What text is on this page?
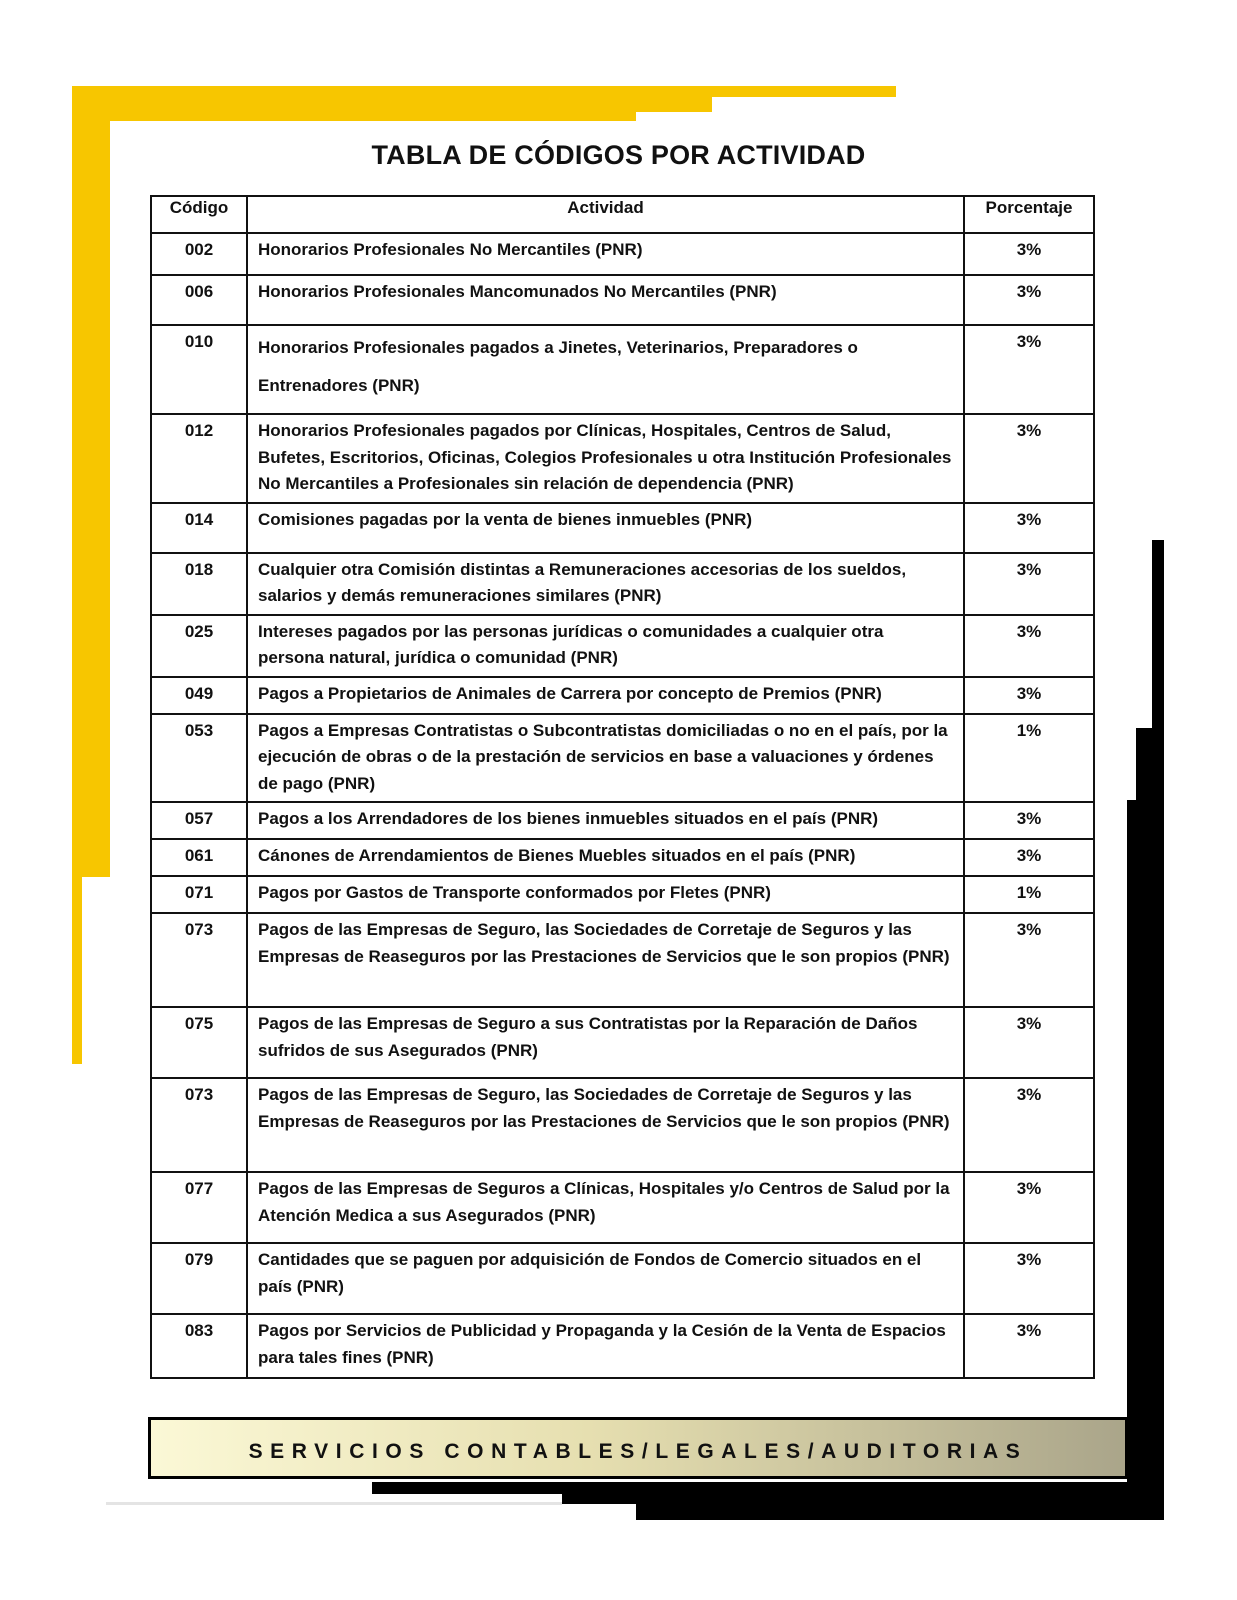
TABLA DE CÓDIGOS POR ACTIVIDAD
Código	Actividad	Porcentaje
002	Honorarios Profesionales No Mercantiles (PNR)	3%
006	Honorarios Profesionales Mancomunados No Mercantiles (PNR)	3%
010	Honorarios Profesionales pagados a Jinetes, Veterinarios, Preparadores o Entrenadores (PNR)	3%
012	Honorarios Profesionales pagados por Clínicas, Hospitales, Centros de Salud, Bufetes, Escritorios, Oficinas, Colegios Profesionales u otra Institución Profesionales No Mercantiles a Profesionales sin relación de dependencia (PNR)	3%
014	Comisiones pagadas por la venta de bienes inmuebles (PNR)	3%
018	Cualquier otra Comisión distintas a Remuneraciones accesorias de los sueldos, salarios y demás remuneraciones similares (PNR)	3%
025	Intereses pagados por las personas jurídicas o comunidades a cualquier otra persona natural, jurídica o comunidad (PNR)	3%
049	Pagos a Propietarios de Animales de Carrera por concepto de Premios (PNR)	3%
053	Pagos a Empresas Contratistas o Subcontratistas domiciliadas o no en el país, por la ejecución de obras o de la prestación de servicios en base a valuaciones y órdenes de pago (PNR)	1%
057	Pagos a los Arrendadores de los bienes inmuebles situados en el país (PNR)	3%
061	Cánones de Arrendamientos de Bienes Muebles situados en el país (PNR)	3%
071	Pagos por Gastos de Transporte conformados por Fletes (PNR)	1%
073	Pagos de las Empresas de Seguro, las Sociedades de Corretaje de Seguros y las Empresas de Reaseguros por las Prestaciones de Servicios que le son propios (PNR)	3%
075	Pagos de las Empresas de Seguro a sus Contratistas por la Reparación de Daños sufridos de sus Asegurados (PNR)	3%
073	Pagos de las Empresas de Seguro, las Sociedades de Corretaje de Seguros y las Empresas de Reaseguros por las Prestaciones de Servicios que le son propios (PNR)	3%
077	Pagos de las Empresas de Seguros a Clínicas, Hospitales y/o Centros de Salud por la Atención Medica a sus Asegurados (PNR)	3%
079	Cantidades que se paguen por adquisición de Fondos de Comercio situados en el país (PNR)	3%
083	Pagos por Servicios de Publicidad y Propaganda y la Cesión de la Venta de Espacios para tales fines (PNR)	3%
SERVICIOS CONTABLES/LEGALES/AUDITORIAS
